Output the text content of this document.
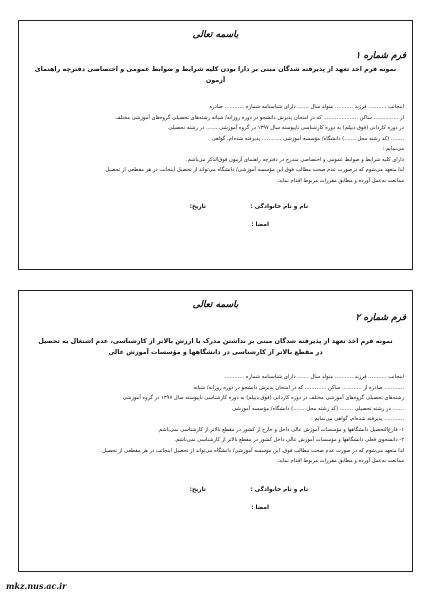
باسمه تعالی
فرم شماره ۱
نمونه فرم اخذ تعهد از پذیرفته شدگان مبنی بر دارا بودن کلیه شرایط و ضوابط عمومی و اختصاصی دفترچه راهنمای آزمون

اینجانب ........... فرزند ........... متولد سال ....... دارای شناسنامه شماره ............ صادره

از ............... ساکن ..................... که در امتحان پذیرش دانشجو در دوره روزانه/ شبانه رشته‌های تحصیلی گروه‌های آموزشی مختلف

در دوره کاردانی (فوق دیپلم) به دوره کارشناسی ناپیوسته سال ۱۳۹۷ در گروه آموزشی ....... در رشته تحصیلی

........ (کد رشته محل .......) دانشگاه/ مؤسسه آموزشی ............ پذیرفته شده‌ام، گواهی

می‌نمایم :

دارای کلیه شرایط و ضوابط عمومی و اختصاصی مندرج در دفترچه راهنمای آزمون فوق‌الذکر می‌باشم.

لذا متعهد می‌شوم که درصورت عدم صحت مطالب فوق این مؤسسه آموزشی/ دانشگاه می‌تواند از تحصیل اینجانب در هر مقطعی از تحصیل

ممانعت به‌عمل آورده و مطابق مقررات مربوط اقدام نماید.

نام و نام خانوادگی :
تاریخ:
امضا :
باسمه تعالی
فرم شماره ۲
نمونه فرم اخذ تعهد از پذیرفته شدگان مبنی بر نداشتن مدرک با ارزش بالاتر از کارشناسی، عدم اشتغال به تحصیل
در مقطع بالاتر از کارشناسی در دانشگاهها و مؤسسات آموزش عالی

اینجانب ........... فرزند ........... متولد سال ....... دارای شناسنامه شماره ............

............ صادره از ............ ساکن ............. که در امتحان پذیرش دانشجو در دوره روزانه/ شبانه

رشته‌های تحصیلی گروه‌های آموزشی مختلف در دوره کاردانی (فوق دیپلم) به دوره کارشناسی ناپیوسته سال ۱۳۹۷ در گروه آموزشی

....... در رشته تحصیلی ........ (کد رشته محل .......) دانشگاه/ مؤسسه آموزشی

............ پذیرفته شده‌ام، گواهی می‌نمایم :

۱- فارغ‌التحصیل دانشگاهها و مؤسسات آموزش عالی داخل و خارج از کشور در مقطع بالاتر از کارشناسی نمی‌باشم.

۲- دانشجوی فعلی دانشگاهها و مؤسسات آموزش عالی داخل کشور در مقطع بالاتر از کارشناسی نمی‌باشم.

لذا متعهد می‌شوم که در صورت عدم صحت مطالب فوق، این مؤسسه آموزشی/ دانشگاه می‌تواند از تحصیل اینجانب در هر مقطعی از تحصیل

ممانعت به‌عمل آورده و مطابق مقررات مربوط اقدام نماید.

نام و نام خانوادگی :
تاریخ:
امضا :
mkz.nus.ac.ir
